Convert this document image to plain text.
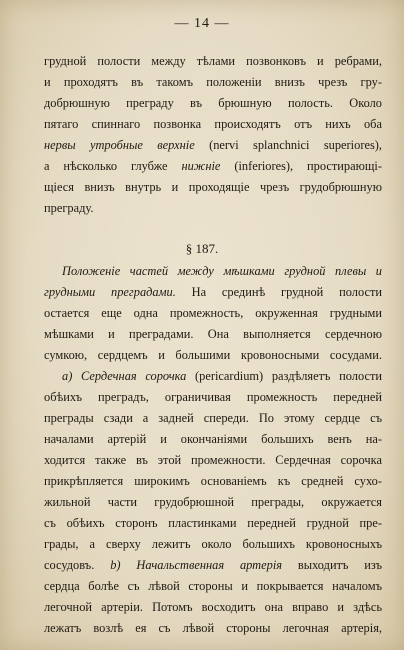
— 14 —
грудной полости между тѣлами позвонковъ и ребрами,
и проходятъ въ такомъ положеніи внизъ чрезъ гру-
добрюшную преграду въ брюшную полость. Около
пятаго спиннаго позвонка происходятъ отъ нихъ оба
нервы утробные верхніе (nervi splanchnici superiores),
а нѣсколько глубже нижніе (inferiores), простирающі-
щіеся внизъ внутрь и проходящіе чрезъ грудобрюшную
преграду.
§ 187.
Положеніе частей между мѣшками грудной плевы и
грудными преградами. На срединѣ грудной полости
остается еще одна промежность, окруженная грудными
мѣшками и преградами. Она выполняется сердечною
сумкою, сердцемъ и большими кровоносными сосудами.
a) Сердечная сорочка (pericardium) раздѣляетъ полости
обѣихъ преградъ, ограничивая промежность передней
преграды сзади а задней спереди. По этому сердце съ
началами артерій и окончаніями большихъ венъ на-
ходится также въ этой промежности. Сердечная сорочка
прикрѣпляется широкимъ основаніемъ къ средней сухо-
жильной части грудобрюшной преграды, окружается
съ обѣихъ сторонъ пластинками передней грудной пре-
грады, а сверху лежитъ около большихъ кровоносныхъ
сосудовъ. b) Начальственная артерія выходитъ изъ
сердца болѣе съ лѣвой стороны и покрывается началомъ
легочной артеріи. Потомъ восходитъ она вправо и здѣсь
лежатъ возлѣ ея съ лѣвой стороны легочная артерія,
